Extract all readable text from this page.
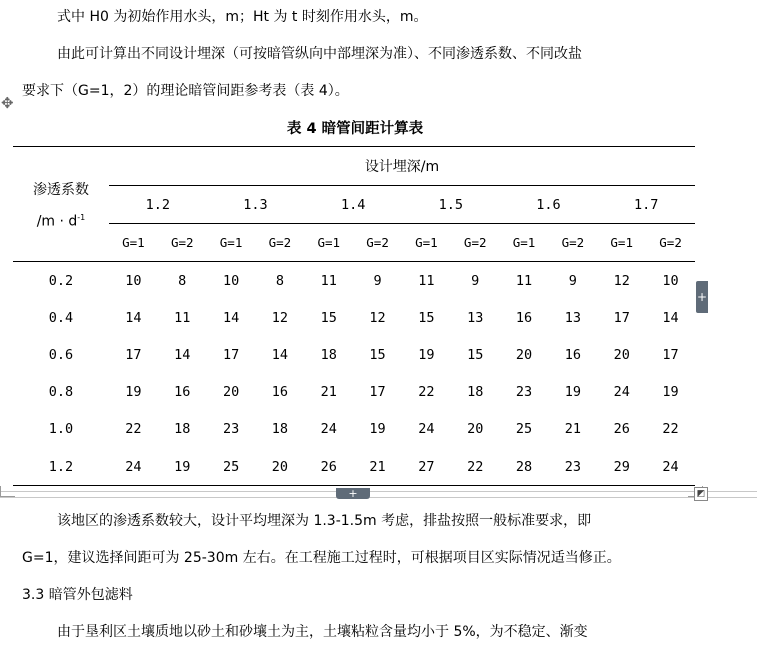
式中 H0 为初始作用水头，m；Ht 为 t 时刻作用水头，m。
由此可计算出不同设计埋深（可按暗管纵向中部埋深为准）、不同渗透系数、不同改盐
要求下（G=1，2）的理论暗管间距参考表（表 4）。
✥
表 4 暗管间距计算表
渗透系数
$/m \cdot d^{-1}$	设计埋深/m											
	1.2		1.3		1.4		1.5		1.6		1.7	
	G=1	G=2	G=1	G=2	G=1	G=2	G=1	G=2	G=1	G=2	G=1	G=2
0.2	10	8	10	8	11	9	11	9	11	9	12	10
0.4	14	11	14	12	15	12	15	13	16	13	17	14
0.6	17	14	17	14	18	15	19	15	20	16	20	17
0.8	19	16	20	16	21	17	22	18	23	19	24	19
1.0	22	18	23	18	24	19	24	20	25	21	26	22
1.2	24	19	25	20	26	21	27	22	28	23	29	24
+
+	◩
该地区的渗透系数较大，设计平均埋深为 1.3-1.5m 考虑，排盐按照一般标准要求，即
G=1，建议选择间距可为 25-30m 左右。在工程施工过程时，可根据项目区实际情况适当修正。
3.3 暗管外包滤料
由于垦利区土壤质地以砂土和砂壤土为主，土壤粘粒含量均小于 5%，为不稳定、渐变
